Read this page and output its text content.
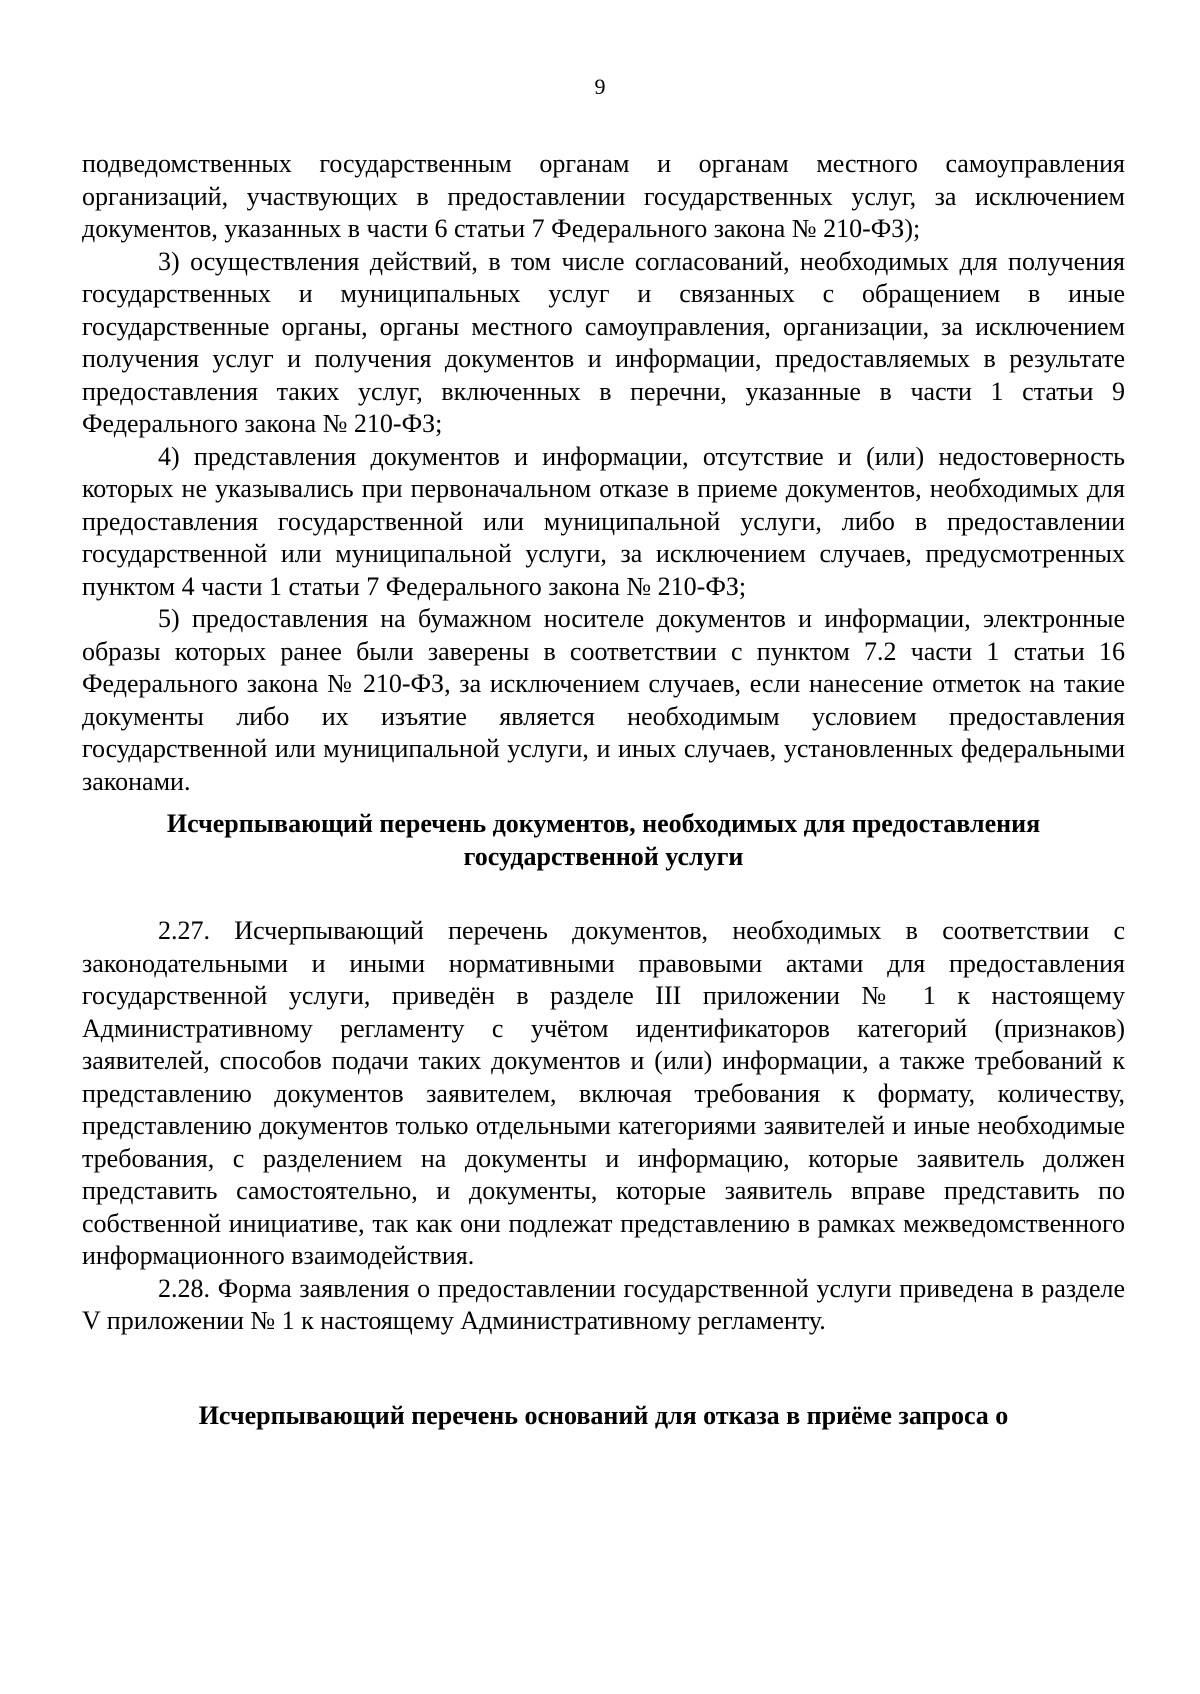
9

подведомственных государственным органам и органам местного самоуправления организаций, участвующих в предоставлении государственных услуг, за исключением документов, указанных в части 6 статьи 7 Федерального закона № 210-ФЗ);

3) осуществления действий, в том числе согласований, необходимых для получения государственных и муниципальных услуг и связанных с обращением в иные государственные органы, органы местного самоуправления, организации, за исключением получения услуг и получения документов и информации, предоставляемых в результате предоставления таких услуг, включенных в перечни, указанные в части 1 статьи 9 Федерального закона № 210-ФЗ;

4) представления документов и информации, отсутствие и (или) недостоверность которых не указывались при первоначальном отказе в приеме документов, необходимых для предоставления государственной или муниципальной услуги, либо в предоставлении государственной или муниципальной услуги, за исключением случаев, предусмотренных пунктом 4 части 1 статьи 7 Федерального закона № 210-ФЗ;

5) предоставления на бумажном носителе документов и информации, электронные образы которых ранее были заверены в соответствии с пунктом 7.2 части 1 статьи 16 Федерального закона № 210-ФЗ, за исключением случаев, если нанесение отметок на такие документы либо их изъятие является необходимым условием предоставления государственной или муниципальной услуги, и иных случаев, установленных федеральными законами.

Исчерпывающий перечень документов, необходимых для предоставления
государственной услуги

2.27. Исчерпывающий перечень документов, необходимых в соответствии с законодательными и иными нормативными правовыми актами для предоставления государственной услуги, приведён в разделе III приложении № 1 к настоящему Административному регламенту с учётом идентификаторов категорий (признаков) заявителей, способов подачи таких документов и (или) информации, а также требований к представлению документов заявителем, включая требования к формату, количеству, представлению документов только отдельными категориями заявителей и иные необходимые требования, с разделением на документы и информацию, которые заявитель должен представить самостоятельно, и документы, которые заявитель вправе представить по собственной инициативе, так как они подлежат представлению в рамках межведомственного информационного взаимодействия.

2.28. Форма заявления о предоставлении государственной услуги приведена в разделе V приложении № 1 к настоящему Административному регламенту.

Исчерпывающий перечень оснований для отказа в приёме запроса о
